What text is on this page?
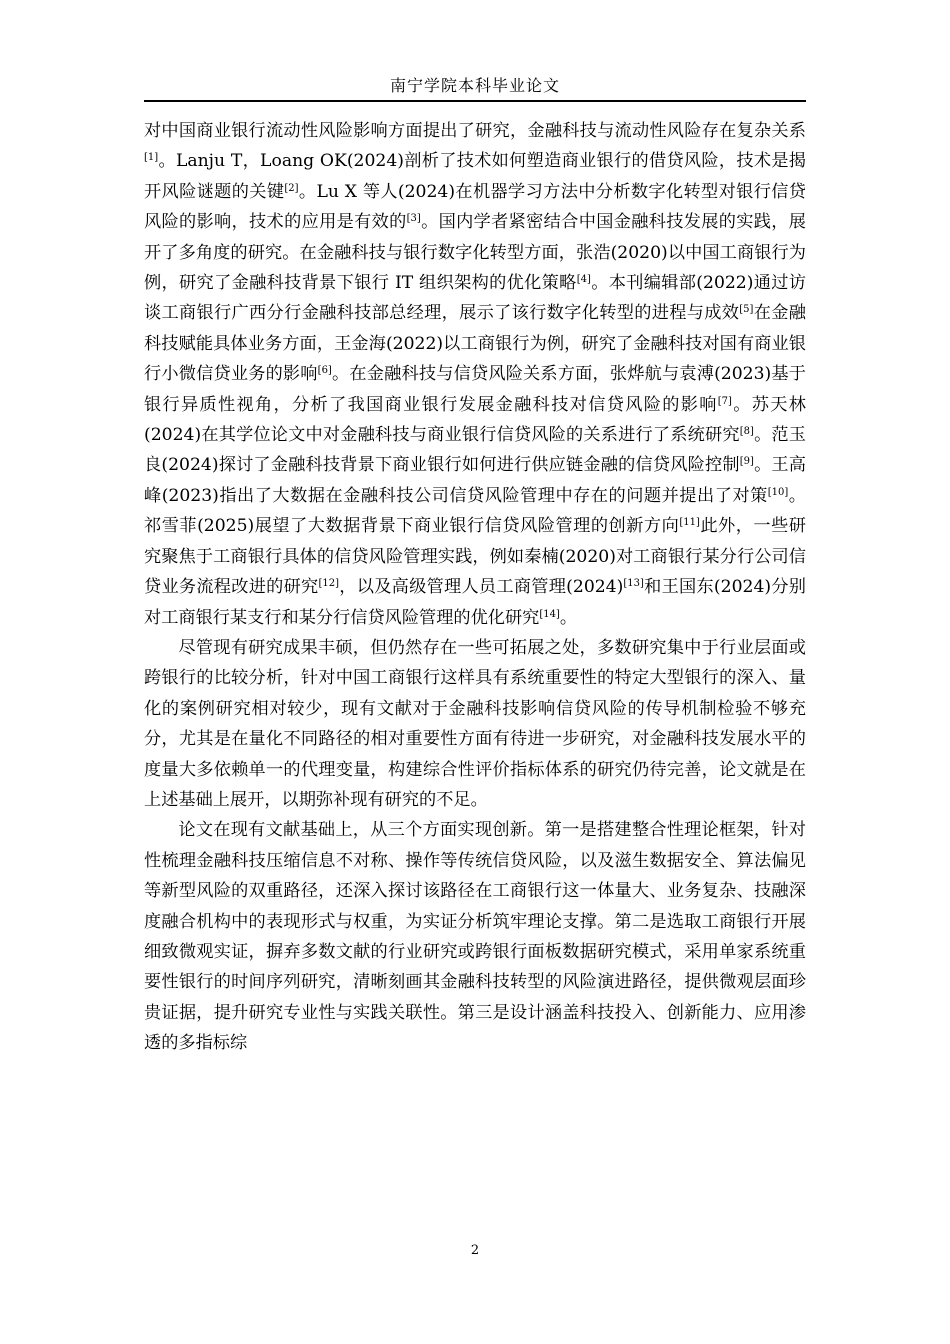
南宁学院本科毕业论文

对中国商业银行流动性风险影响方面提出了研究，金融科技与流动性风险存在复杂关系[1]。Lanju T，Loang OK(2024)剖析了技术如何塑造商业银行的借贷风险，技术是揭开风险谜题的关键[2]。Lu X 等人(2024)在机器学习方法中分析数字化转型对银行信贷风险的影响，技术的应用是有效的[3]。国内学者紧密结合中国金融科技发展的实践，展开了多角度的研究。在金融科技与银行数字化转型方面，张浩(2020)以中国工商银行为例，研究了金融科技背景下银行 IT 组织架构的优化策略[4]。本刊编辑部(2022)通过访谈工商银行广西分行金融科技部总经理，展示了该行数字化转型的进程与成效[5]在金融科技赋能具体业务方面，王金海(2022)以工商银行为例，研究了金融科技对国有商业银行小微信贷业务的影响[6]。在金融科技与信贷风险关系方面，张烨航与袁溥(2023)基于银行异质性视角，分析了我国商业银行发展金融科技对信贷风险的影响[7]。苏天林(2024)在其学位论文中对金融科技与商业银行信贷风险的关系进行了系统研究[8]。范玉良(2024)探讨了金融科技背景下商业银行如何进行供应链金融的信贷风险控制[9]。王高峰(2023)指出了大数据在金融科技公司信贷风险管理中存在的问题并提出了对策[10]。祁雪菲(2025)展望了大数据背景下商业银行信贷风险管理的创新方向[11]此外，一些研究聚焦于工商银行具体的信贷风险管理实践，例如秦楠(2020)对工商银行某分行公司信贷业务流程改进的研究[12]，以及高级管理人员工商管理(2024)[13]和王国东(2024)分别对工商银行某支行和某分行信贷风险管理的优化研究[14]。

尽管现有研究成果丰硕，但仍然存在一些可拓展之处，多数研究集中于行业层面或跨银行的比较分析，针对中国工商银行这样具有系统重要性的特定大型银行的深入、量化的案例研究相对较少，现有文献对于金融科技影响信贷风险的传导机制检验不够充分，尤其是在量化不同路径的相对重要性方面有待进一步研究，对金融科技发展水平的度量大多依赖单一的代理变量，构建综合性评价指标体系的研究仍待完善，论文就是在上述基础上展开，以期弥补现有研究的不足。

论文在现有文献基础上，从三个方面实现创新。第一是搭建整合性理论框架，针对性梳理金融科技压缩信息不对称、操作等传统信贷风险，以及滋生数据安全、算法偏见等新型风险的双重路径，还深入探讨该路径在工商银行这一体量大、业务复杂、技融深度融合机构中的表现形式与权重，为实证分析筑牢理论支撑。第二是选取工商银行开展细致微观实证，摒弃多数文献的行业研究或跨银行面板数据研究模式，采用单家系统重要性银行的时间序列研究，清晰刻画其金融科技转型的风险演进路径，提供微观层面珍贵证据，提升研究专业性与实践关联性。第三是设计涵盖科技投入、创新能力、应用渗透的多指标综

2
